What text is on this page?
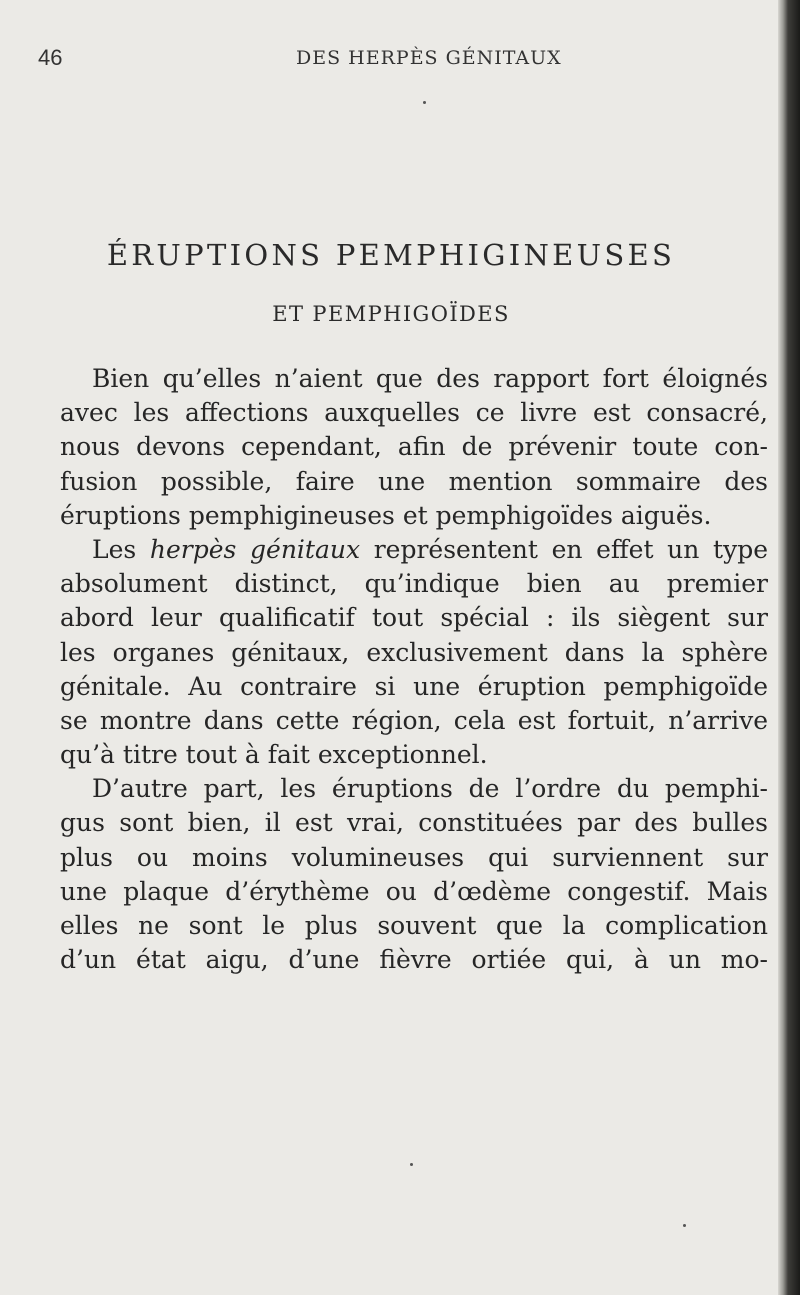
46	DES HERPÈS GÉNITAUX
ÉRUPTIONS PEMPHIGINEUSES
ET PEMPHIGOÏDES
Bien qu’elles n’aient que des rapport fort éloignés
avec les affections auxquelles ce livre est consacré,
nous devons cependant, afin de prévenir toute con-
fusion possible, faire une mention sommaire des
éruptions pemphigineuses et pemphigoïdes aiguës.
Les herpès génitaux représentent en effet un type
absolument distinct, qu’indique bien au premier
abord leur qualificatif tout spécial : ils siègent sur
les organes génitaux, exclusivement dans la sphère
génitale. Au contraire si une éruption pemphigoïde
se montre dans cette région, cela est fortuit, n’arrive
qu’à titre tout à fait exceptionnel.
D’autre part, les éruptions de l’ordre du pemphi-
gus sont bien, il est vrai, constituées par des bulles
plus ou moins volumineuses qui surviennent sur
une plaque d’érythème ou d’œdème congestif. Mais
elles ne sont le plus souvent que la complication
d’un état aigu, d’une fièvre ortiée qui, à un mo-
